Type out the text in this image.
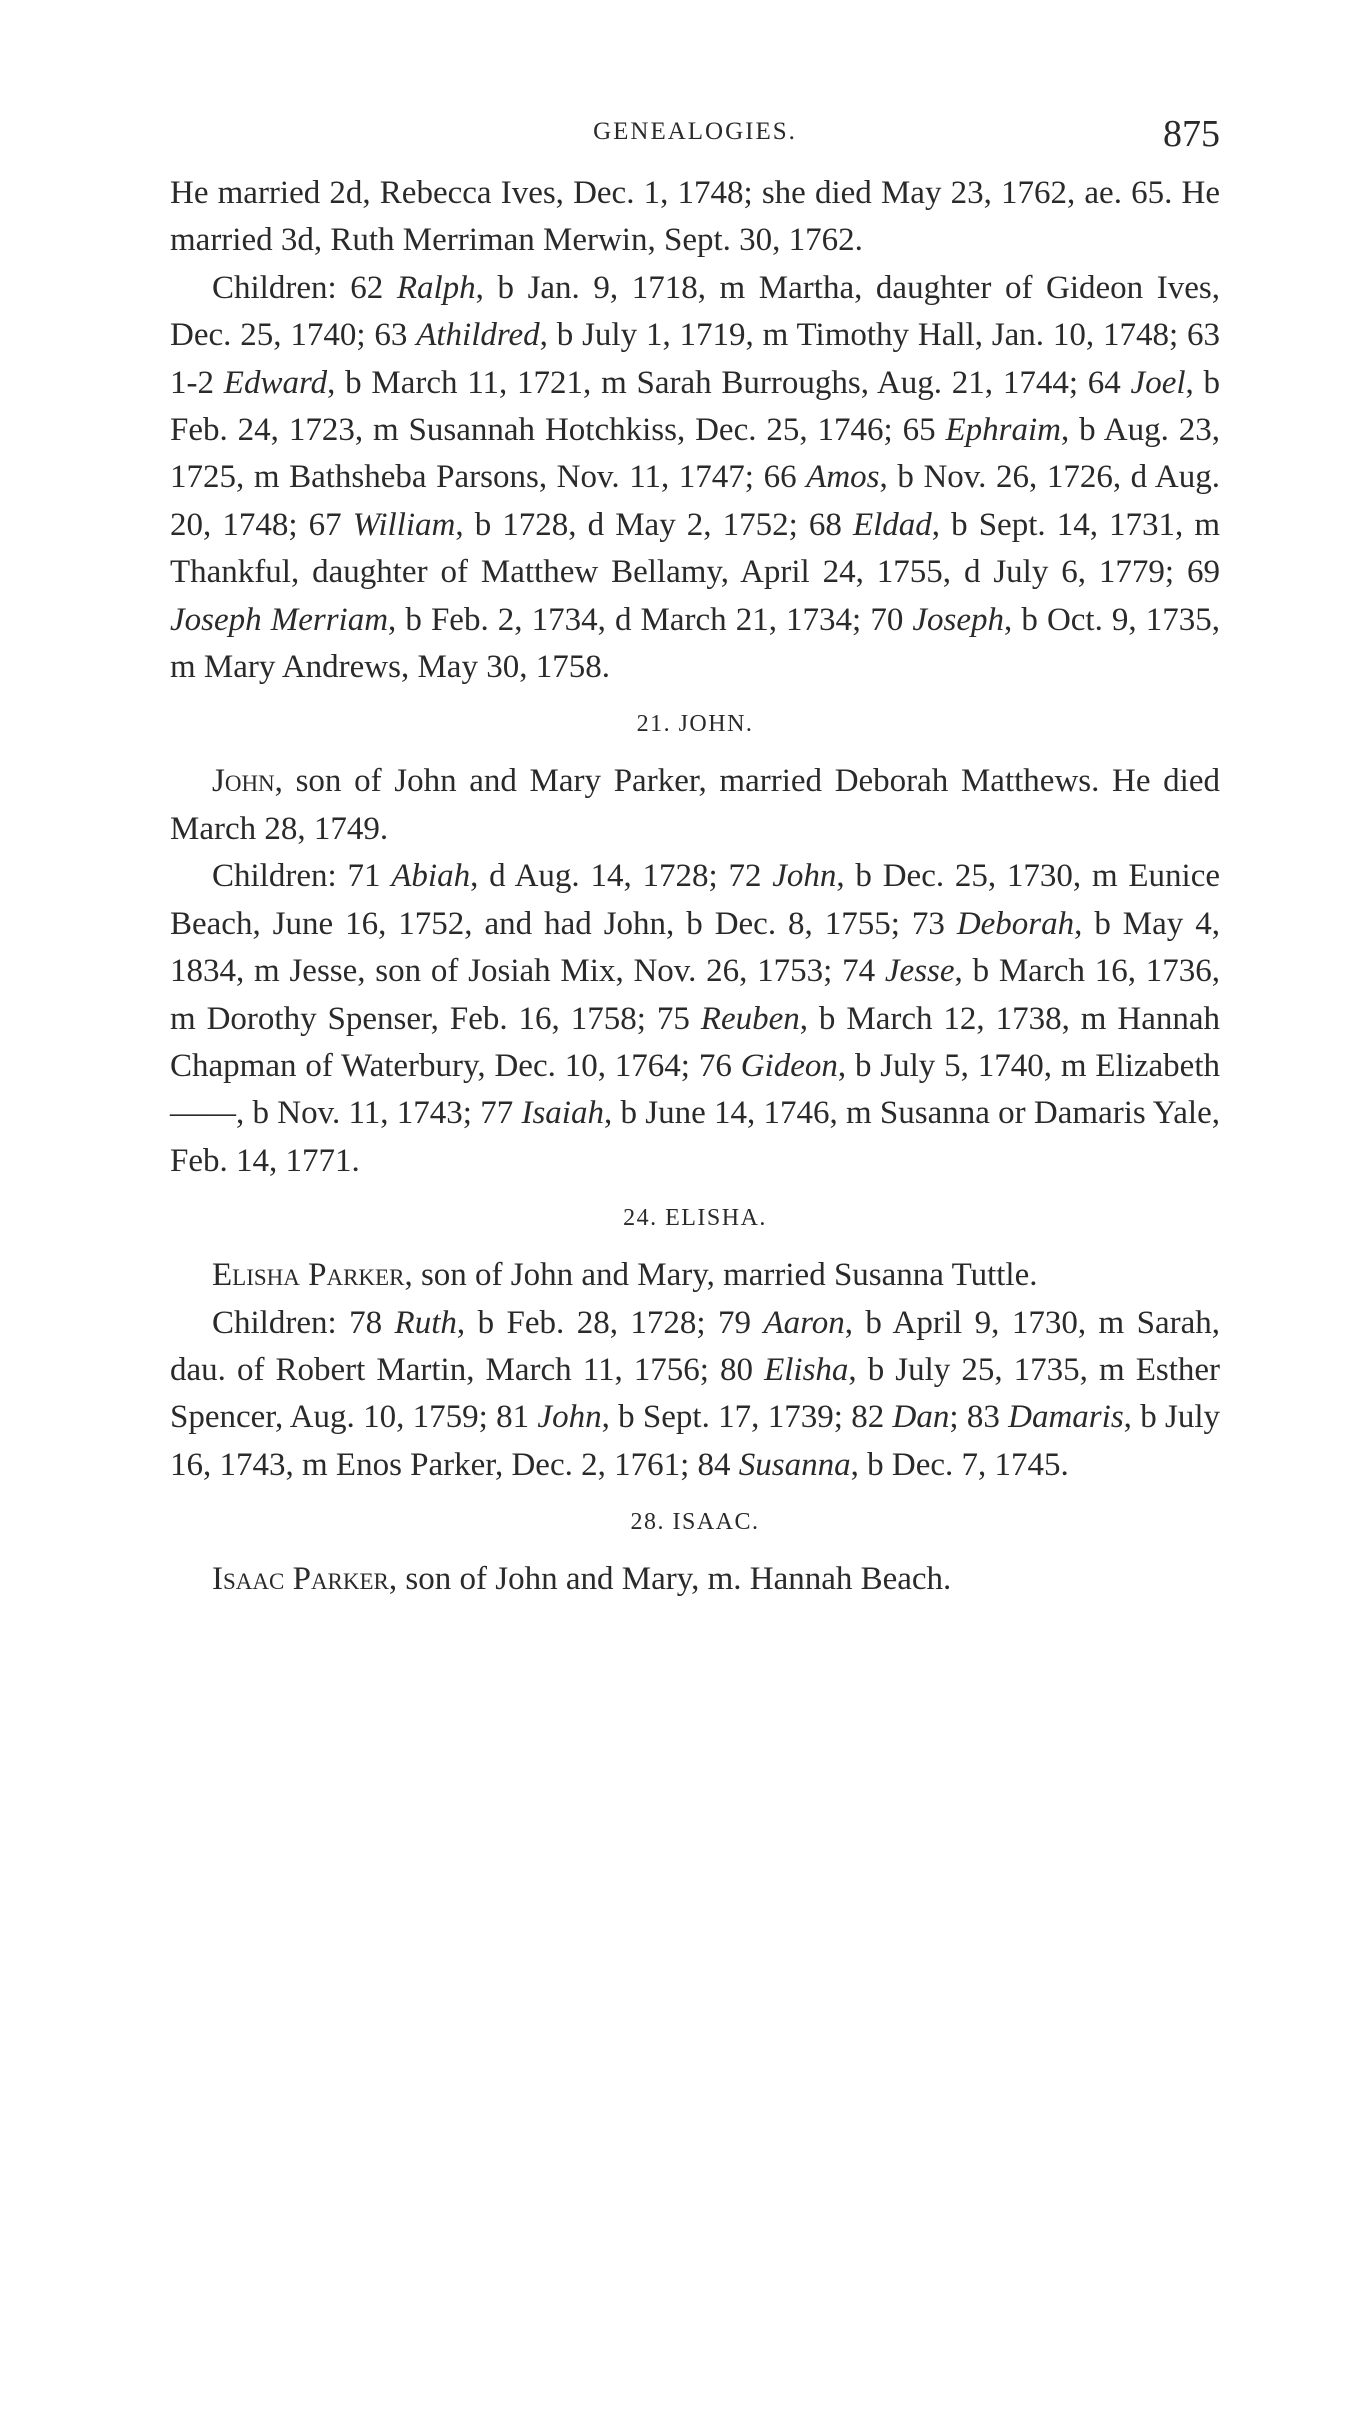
GENEALOGIES.	875

He married 2d, Rebecca Ives, Dec. 1, 1748; she died May 23, 1762, ae. 65. He married 3d, Ruth Merriman Merwin, Sept. 30, 1762.

Children: 62 Ralph, b Jan. 9, 1718, m Martha, daughter of Gideon Ives, Dec. 25, 1740; 63 Athildred, b July 1, 1719, m Timothy Hall, Jan. 10, 1748; 63 1-2 Edward, b March 11, 1721, m Sarah Burroughs, Aug. 21, 1744; 64 Joel, b Feb. 24, 1723, m Susannah Hotchkiss, Dec. 25, 1746; 65 Ephraim, b Aug. 23, 1725, m Bathsheba Parsons, Nov. 11, 1747; 66 Amos, b Nov. 26, 1726, d Aug. 20, 1748; 67 William, b 1728, d May 2, 1752; 68 Eldad, b Sept. 14, 1731, m Thankful, daughter of Matthew Bellamy, April 24, 1755, d July 6, 1779; 69 Joseph Merriam, b Feb. 2, 1734, d March 21, 1734; 70 Joseph, b Oct. 9, 1735, m Mary Andrews, May 30, 1758.

21. JOHN.

John, son of John and Mary Parker, married Deborah Matthews. He died March 28, 1749.

Children: 71 Abiah, d Aug. 14, 1728; 72 John, b Dec. 25, 1730, m Eunice Beach, June 16, 1752, and had John, b Dec. 8, 1755; 73 Deborah, b May 4, 1834, m Jesse, son of Josiah Mix, Nov. 26, 1753; 74 Jesse, b March 16, 1736, m Dorothy Spenser, Feb. 16, 1758; 75 Reuben, b March 12, 1738, m Hannah Chapman of Waterbury, Dec. 10, 1764; 76 Gideon, b July 5, 1740, m Elizabeth ——, b Nov. 11, 1743; 77 Isaiah, b June 14, 1746, m Susanna or Damaris Yale, Feb. 14, 1771.

24. ELISHA.

Elisha Parker, son of John and Mary, married Susanna Tuttle.

Children: 78 Ruth, b Feb. 28, 1728; 79 Aaron, b April 9, 1730, m Sarah, dau. of Robert Martin, March 11, 1756; 80 Elisha, b July 25, 1735, m Esther Spencer, Aug. 10, 1759; 81 John, b Sept. 17, 1739; 82 Dan; 83 Damaris, b July 16, 1743, m Enos Parker, Dec. 2, 1761; 84 Susanna, b Dec. 7, 1745.

28. ISAAC.

Isaac Parker, son of John and Mary, m. Hannah Beach.
